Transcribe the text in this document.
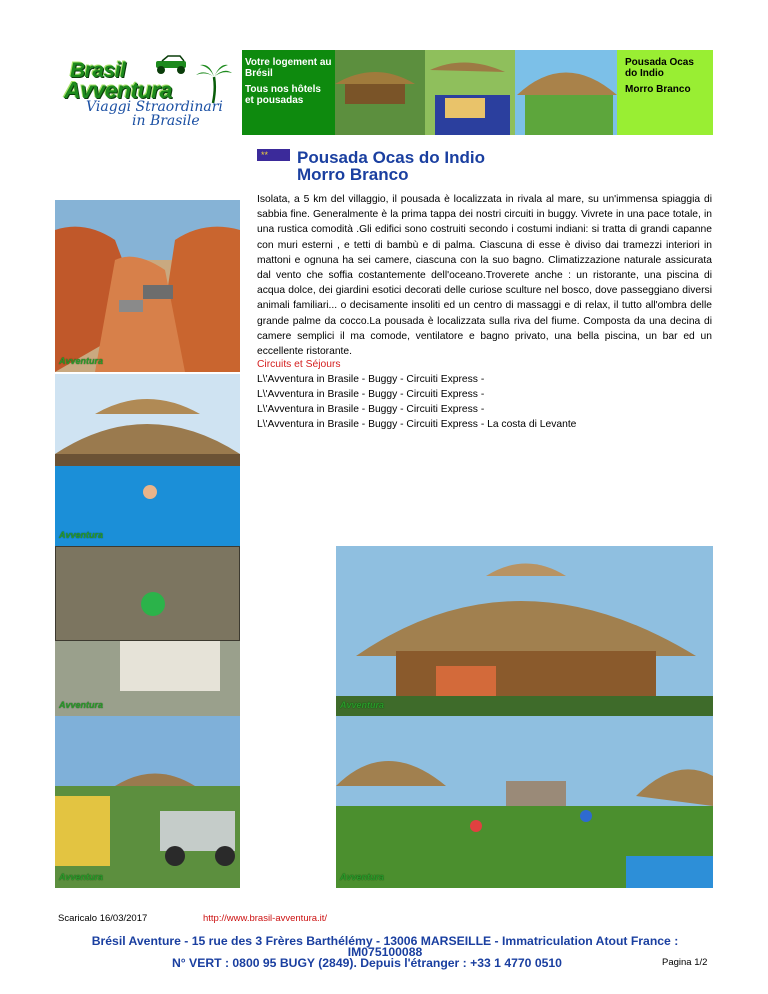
Brasil
Avventura
Viaggi Straordinari
in Brasile
Votre logement au
Brésil
Tous nos hôtels
et pousadas
Pousada Ocas
do Indio
Morro Branco
**	Pousada Ocas do Indio
Morro Branco
Isolata, a 5 km del villaggio, il pousada è localizzata in rivala al mare, su un'immensa spiaggia di sabbia fine. Generalmente è la prima tappa dei nostri circuiti in buggy. Vivrete in una pace totale, in una rustica comodità .Gli edifici sono costruiti secondo i costumi indiani: si tratta di grandi capanne con muri esterni , e tetti di bambù e di palma. Ciascuna di esse è diviso dai tramezzi interiori in mattoni e ognuna ha sei camere, ciascuna con la suo bagno. Climatizzazione naturale assicurata dal vento che soffia costantemente dell'oceano.Troverete anche : un ristorante, una piscina di acqua dolce, dei giardini esotici decorati delle curiose sculture nel bosco, dove passeggiano diversi animali familiari... o decisamente insoliti ed un centro di massaggi e di relax, il tutto all'ombra delle grande palme da cocco.La pousada è localizzata sulla riva del fiume. Composta da una decina di camere semplici il ma comode, ventilatore e bagno privato, una bella piscina, un bar ed un eccellente ristorante.
Circuits et Séjours
L\'Avventura in Brasile - Buggy - Circuiti Express -
L\'Avventura in Brasile - Buggy - Circuiti Express -
L\'Avventura in Brasile - Buggy - Circuiti Express -
L\'Avventura in Brasile - Buggy - Circuiti Express - La costa di Levante
Avventura
Avventura
Avventura
Avventura
Avventura
Avventura
Scaricalo 16/03/2017	http://www.brasil-avventura.it/
Brésil Aventure - 15 rue des 3 Frères Barthélémy - 13006 MARSEILLE - Immatriculation Atout France :
IM075100088
N° VERT : 0800 95 BUGY (2849). Depuis l'étranger : +33 1 4770 0510	Pagina 1/2
